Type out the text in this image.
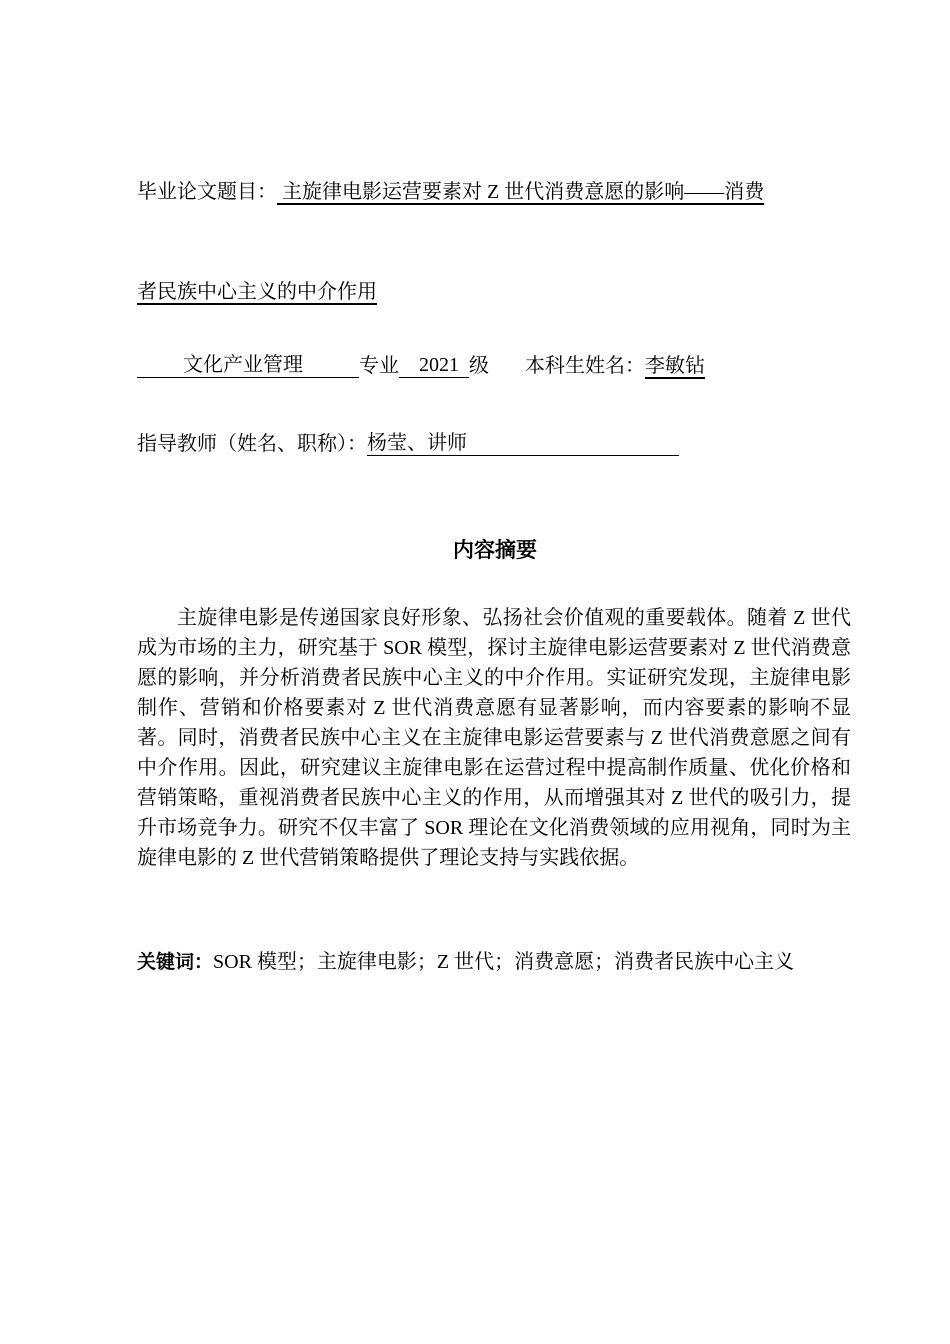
毕业论文题目： 主旋律电影运营要素对 Z 世代消费意愿的影响——消费
者民族中心主义的中介作用
文化产业管理	专业 2021 级 本科生姓名：李敏钻
指导教师（姓名、职称）：杨莹、讲师
内容摘要

主旋律电影是传递国家良好形象、弘扬社会价值观的重要载体。随着 Z 世代成为市场的主力，研究基于 SOR 模型，探讨主旋律电影运营要素对 Z 世代消费意愿的影响，并分析消费者民族中心主义的中介作用。实证研究发现，主旋律电影制作、营销和价格要素对 Z 世代消费意愿有显著影响，而内容要素的影响不显著。同时，消费者民族中心主义在主旋律电影运营要素与 Z 世代消费意愿之间有中介作用。因此，研究建议主旋律电影在运营过程中提高制作质量、优化价格和营销策略，重视消费者民族中心主义的作用，从而增强其对 Z 世代的吸引力，提升市场竞争力。研究不仅丰富了 SOR 理论在文化消费领域的应用视角，同时为主旋律电影的 Z 世代营销策略提供了理论支持与实践依据。

关键词：SOR 模型；主旋律电影；Z 世代；消费意愿；消费者民族中心主义
